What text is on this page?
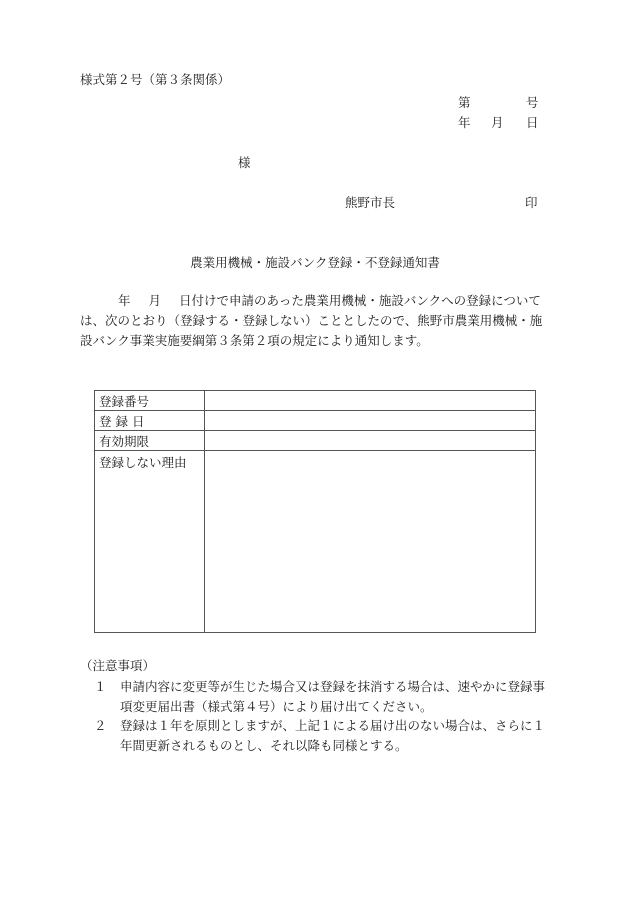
様式第２号（第３条関係）
第	号
年 月 日
様
熊野市長	印
農業用機械・施設バンク登録・不登録通知書
年 月 日付けで申請のあった農業用機械・施設バンクへの登録については、次のとおり（登録する・登録しない）こととしたので、熊野市農業用機械・施設バンク事業実施要綱第３条第２項の規定により通知します。
登録番号	
登 録 日	
有効期限	
登録しない理由	
（注意事項）
１	申請内容に変更等が生じた場合又は登録を抹消する場合は、速やかに登録事項変更届出書（様式第４号）により届け出てください。
２	登録は１年を原則としますが、上記１による届け出のない場合は、さらに１年間更新されるものとし、それ以降も同様とする。
